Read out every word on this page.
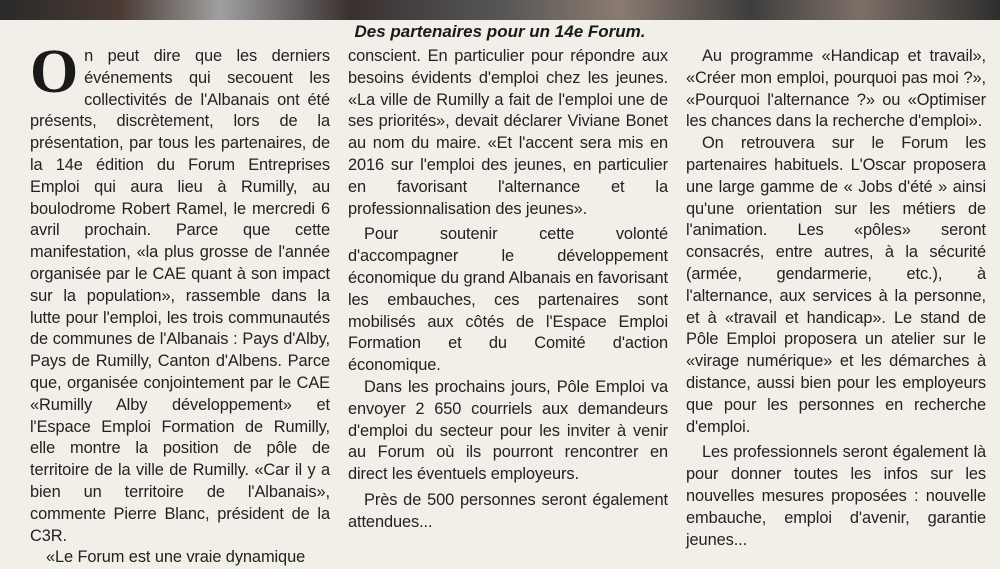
Des partenaires pour un 14e Forum.
O n peut dire que les derniers événements qui secouent les collectivités de l'Albanais ont été présents, discrètement, lors de la présentation, par tous les partenaires, de la 14e édition du Forum Entreprises Emploi qui aura lieu à Rumilly, au boulodrome Robert Ramel, le mercredi 6 avril prochain. Parce que cette manifestation, «la plus grosse de l'année organisée par le CAE quant à son impact sur la population», rassemble dans la lutte pour l'emploi, les trois communautés de communes de l'Albanais : Pays d'Alby, Pays de Rumilly, Canton d'Albens. Parce que, organisée conjointement par le CAE «Rumilly Alby développement» et l'Espace Emploi Formation de Rumilly, elle montre la position de pôle de territoire de la ville de Rumilly. «Car il y a bien un territoire de l'Albanais», commente Pierre Blanc, président de la C3R.

«Le Forum est une vraie dynamique

conscient. En particulier pour répondre aux besoins évidents d'emploi chez les jeunes. «La ville de Rumilly a fait de l'emploi une de ses priorités», devait déclarer Viviane Bonet au nom du maire. «Et l'accent sera mis en 2016 sur l'emploi des jeunes, en particulier en favorisant l'alternance et la professionnalisation des jeunes».

Pour soutenir cette volonté d'accompagner le développement économique du grand Albanais en favorisant les embauches, ces partenaires sont mobilisés aux côtés de l'Espace Emploi Formation et du Comité d'action économique.

Dans les prochains jours, Pôle Emploi va envoyer 2 650 courriels aux demandeurs d'emploi du secteur pour les inviter à venir au Forum où ils pourront rencontrer en direct les éventuels employeurs.

Près de 500 personnes seront également attendues...

Au programme «Handicap et travail», «Créer mon emploi, pourquoi pas moi ?», «Pourquoi l'alternance ?» ou «Optimiser les chances dans la recherche d'emploi».

On retrouvera sur le Forum les partenaires habituels. L'Oscar proposera une large gamme de « Jobs d'été » ainsi qu'une orientation sur les métiers de l'animation. Les «pôles» seront consacrés, entre autres, à la sécurité (armée, gendarmerie, etc.), à l'alternance, aux services à la personne, et à «travail et handicap». Le stand de Pôle Emploi proposera un atelier sur le «virage numérique» et les démarches à distance, aussi bien pour les employeurs que pour les personnes en recherche d'emploi.

Les professionnels seront également là pour donner toutes les infos sur les nouvelles mesures proposées : nouvelle embauche, emploi d'avenir, garantie jeunes...
